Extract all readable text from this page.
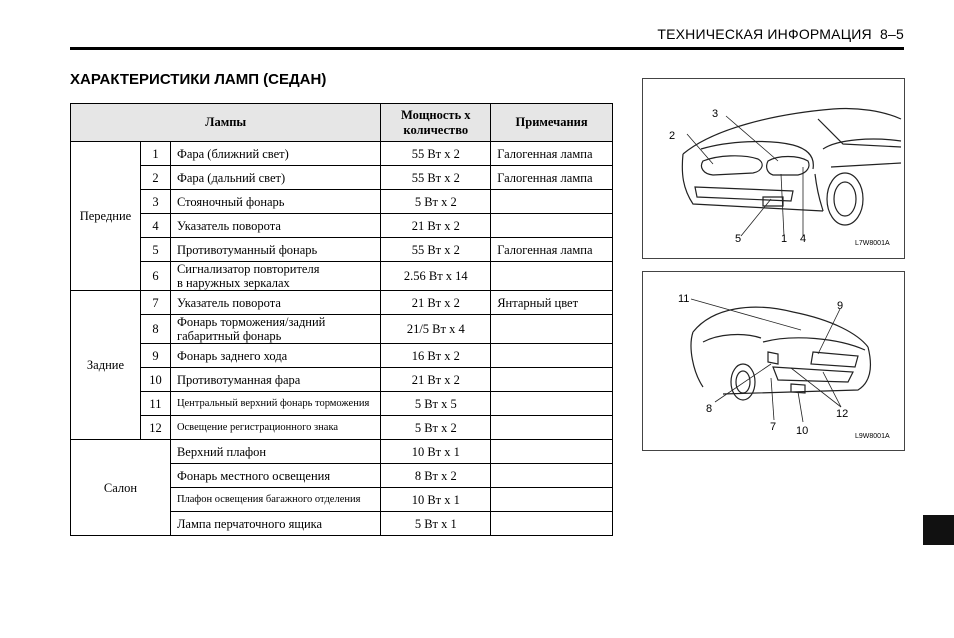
ТЕХНИЧЕСКАЯ ИНФОРМАЦИЯ 8–5
ХАРАКТЕРИСТИКИ ЛАМП (СЕДАН)
Лампы			Мощность x
количество	Примечания
Передние	1	Фара (ближний свет)	55 Вт x 2	Галогенная лампа
	2	Фара (дальний свет)	55 Вт x 2	Галогенная лампа
	3	Стояночный фонарь	5 Вт x 2	
	4	Указатель поворота	21 Вт x 2	
	5	Противотуманный фонарь	55 Вт x 2	Галогенная лампа
	6	Сигнализатор повторителя
в наружных зеркалах	2.56 Вт x 14	
Задние	7	Указатель поворота	21 Вт x 2	Янтарный цвет
	8	Фонарь торможения/задний
габаритный фонарь	21/5 Вт x 4	
	9	Фонарь заднего хода	16 Вт x 2	
	10	Противотуманная фара	21 Вт x 2	
	11	Центральный верхний фонарь торможения	5 Вт x 5	
	12	Освещение регистрационного знака	5 Вт x 2	
Салон		Верхний плафон	10 Вт x 1	
		Фонарь местного освещения	8 Вт x 2	
		Плафон освещения багажного отделения	10 Вт x 1	
		Лампа перчаточного ящика	5 Вт x 1	
2
3
5	1 4	L7W8001A
11
9
8
7 10
12
L9W8001A
